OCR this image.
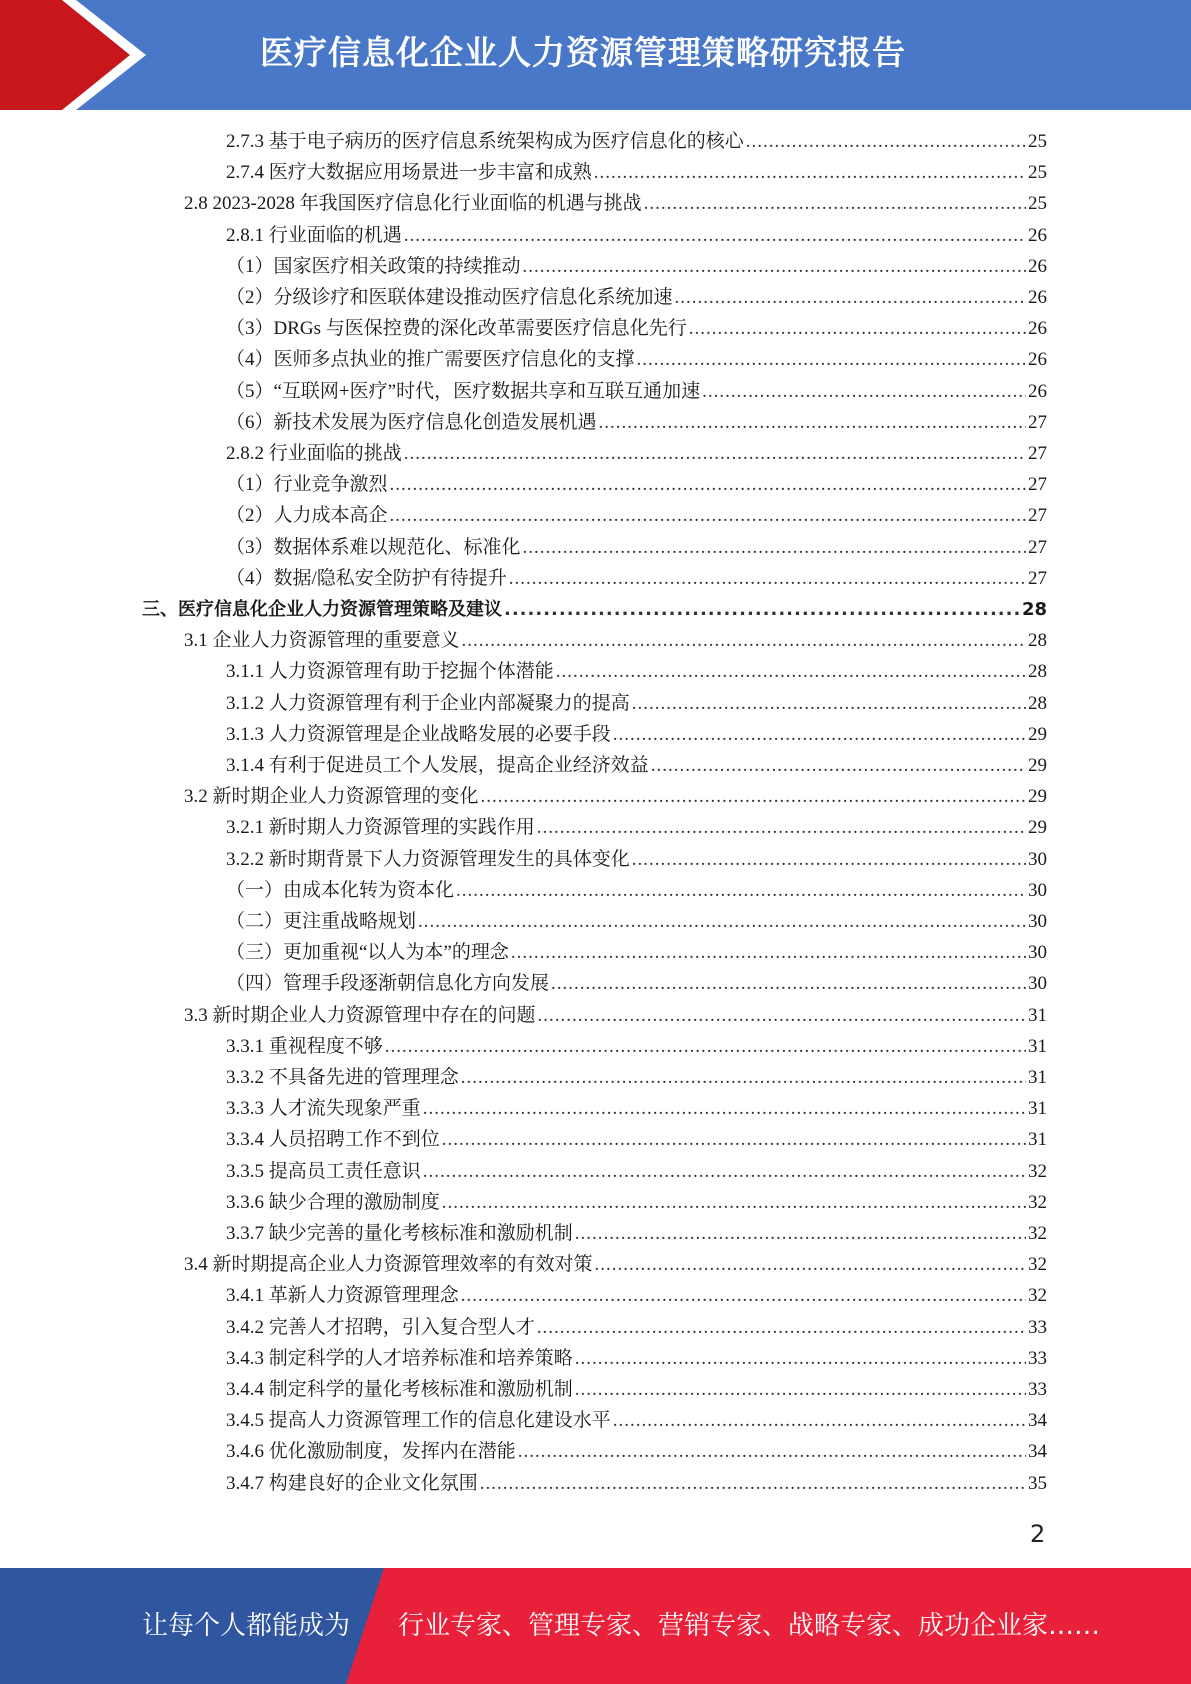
医疗信息化企业人力资源管理策略研究报告
2.7.3 基于电子病历的医疗信息系统架构成为医疗信息化的核心 .....	25
2.7.4 医疗大数据应用场景进一步丰富和成熟 .....	25
2.8 2023-2028 年我国医疗信息化行业面临的机遇与挑战 .....	25
2.8.1 行业面临的机遇 .....	26
（1）国家医疗相关政策的持续推动 .....	26
（2）分级诊疗和医联体建设推动医疗信息化系统加速 .....	26
（3）DRGs 与医保控费的深化改革需要医疗信息化先行 .....	26
（4）医师多点执业的推广需要医疗信息化的支撑 .....	26
（5）“互联网+医疗”时代，医疗数据共享和互联互通加速 .....	26
（6）新技术发展为医疗信息化创造发展机遇 .....	27
2.8.2 行业面临的挑战 .....	27
（1）行业竞争激烈 .....	27
（2）人力成本高企 .....	27
（3）数据体系难以规范化、标准化 .....	27
（4）数据/隐私安全防护有待提升 .....	27
三、医疗信息化企业人力资源管理策略及建议 .....	28
3.1 企业人力资源管理的重要意义 .....	28
3.1.1 人力资源管理有助于挖掘个体潜能 .....	28
3.1.2 人力资源管理有利于企业内部凝聚力的提高 .....	28
3.1.3 人力资源管理是企业战略发展的必要手段 .....	29
3.1.4 有利于促进员工个人发展，提高企业经济效益 .....	29
3.2 新时期企业人力资源管理的变化 .....	29
3.2.1 新时期人力资源管理的实践作用 .....	29
3.2.2 新时期背景下人力资源管理发生的具体变化 .....	30
（一）由成本化转为资本化 .....	30
（二）更注重战略规划 .....	30
（三）更加重视“以人为本”的理念 .....	30
（四）管理手段逐渐朝信息化方向发展 .....	30
3.3 新时期企业人力资源管理中存在的问题 .....	31
3.3.1 重视程度不够 .....	31
3.3.2 不具备先进的管理理念 .....	31
3.3.3 人才流失现象严重 .....	31
3.3.4 人员招聘工作不到位 .....	31
3.3.5 提高员工责任意识 .....	32
3.3.6 缺少合理的激励制度 .....	32
3.3.7 缺少完善的量化考核标准和激励机制 .....	32
3.4 新时期提高企业人力资源管理效率的有效对策 .....	32
3.4.1 革新人力资源管理理念 .....	32
3.4.2 完善人才招聘，引入复合型人才 .....	33
3.4.3 制定科学的人才培养标准和培养策略 .....	33
3.4.4 制定科学的量化考核标准和激励机制 .....	33
3.4.5 提高人力资源管理工作的信息化建设水平 .....	34
3.4.6 优化激励制度，发挥内在潜能 .....	34
3.4.7 构建良好的企业文化氛围 .....	35
2
让每个人都能成为 行业专家、管理专家、营销专家、战略专家、成功企业家……
